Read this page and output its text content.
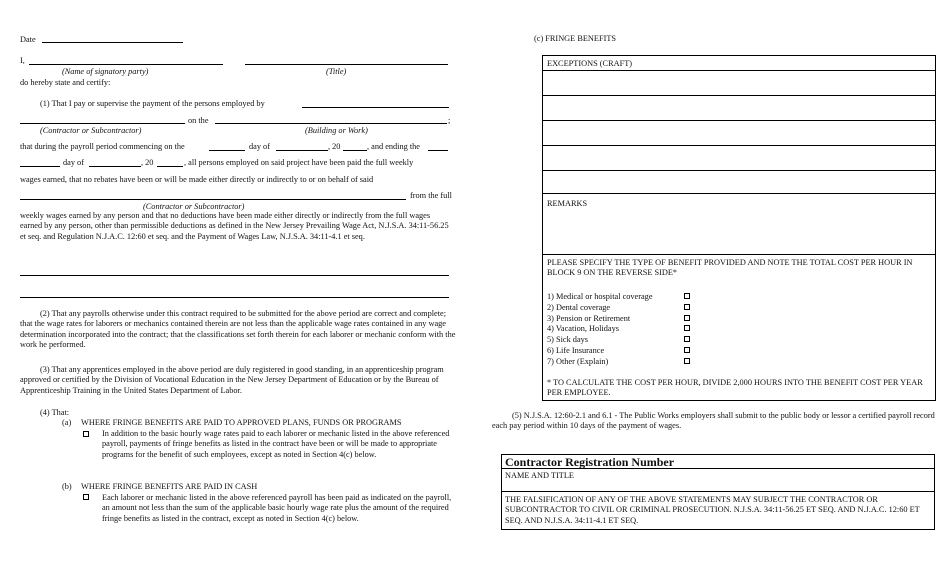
Date
I,
(Name of signatory party)	(Title)
do hereby state and certify:
(1) That I pay or supervise the payment of the persons employed by
on the	;
(Contractor or Subcontractor)	(Building or Work)
that during the payroll period commencing on the	day of	, 20	, and ending the
day of	, 20	, all persons employed on said project have been paid the full weekly
wages earned, that no rebates have been or will be made either directly or indirectly to or on behalf of said
from the full
(Contractor or Subcontractor)
weekly wages earned by any person and that no deductions have been made either directly or indirectly from the full wages earned by any person, other than permissible deductions as defined in the New Jersey Prevailing Wage Act, N.J.S.A. 34:11-56.25 et seq. and Regulation N.J.A.C. 12:60 et seq. and the Payment of Wages Law, N.J.S.A. 34:11-4.1 et seq.
(2) That any payrolls otherwise under this contract required to be submitted for the above period are correct and complete; that the wage rates for laborers or mechanics contained therein are not less than the applicable wage rates contained in any wage determination incorporated into the contract; that the classifications set forth therein for each laborer or mechanic conform with the work he performed.
(3) That any apprentices employed in the above period are duly registered in good standing, in an apprenticeship program approved or certified by the Division of Vocational Education in the New Jersey Department of Education or by the Bureau of Apprenticeship Training in the United States Department of Labor.
(4) That:
(a) WHERE FRINGE BENEFITS ARE PAID TO APPROVED PLANS, FUNDS OR PROGRAMS
In addition to the basic hourly wage rates paid to each laborer or mechanic listed in the above referenced payroll, payments of fringe benefits as listed in the contract have been or will be made to appropriate programs for the benefit of such employees, except as noted in Section 4(c) below.
(b) WHERE FRINGE BENEFITS ARE PAID IN CASH
Each laborer or mechanic listed in the above referenced payroll has been paid as indicated on the payroll, an amount not less than the sum of the applicable basic hourly wage rate plus the amount of the required fringe benefits as listed in the contract, except as noted in Section 4(c) below.
(c) FRINGE BENEFITS
EXCEPTIONS (CRAFT)
REMARKS
PLEASE SPECIFY THE TYPE OF BENEFIT PROVIDED AND NOTE THE TOTAL COST PER HOUR IN BLOCK 9 ON THE REVERSE SIDE*
1) Medical or hospital coverage
2) Dental coverage
3) Pension or Retirement
4) Vacation, Holidays
5) Sick days
6) Life Insurance
7) Other (Explain)
* TO CALCULATE THE COST PER HOUR, DIVIDE 2,000 HOURS INTO THE BENEFIT COST PER YEAR PER EMPLOYEE.
(5) N.J.S.A. 12:60-2.1 and 6.1 - The Public Works employers shall submit to the public body or lessor a certified payroll record each pay period within 10 days of the payment of wages.
Contractor Registration Number
NAME AND TITLE
THE FALSIFICATION OF ANY OF THE ABOVE STATEMENTS MAY SUBJECT THE CONTRACTOR OR SUBCONTRACTOR TO CIVIL OR CRIMINAL PROSECUTION. N.J.S.A. 34:11-56.25 ET SEQ. AND N.J.A.C. 12:60 ET SEQ. AND N.J.S.A. 34:11-4.1 ET SEQ.
